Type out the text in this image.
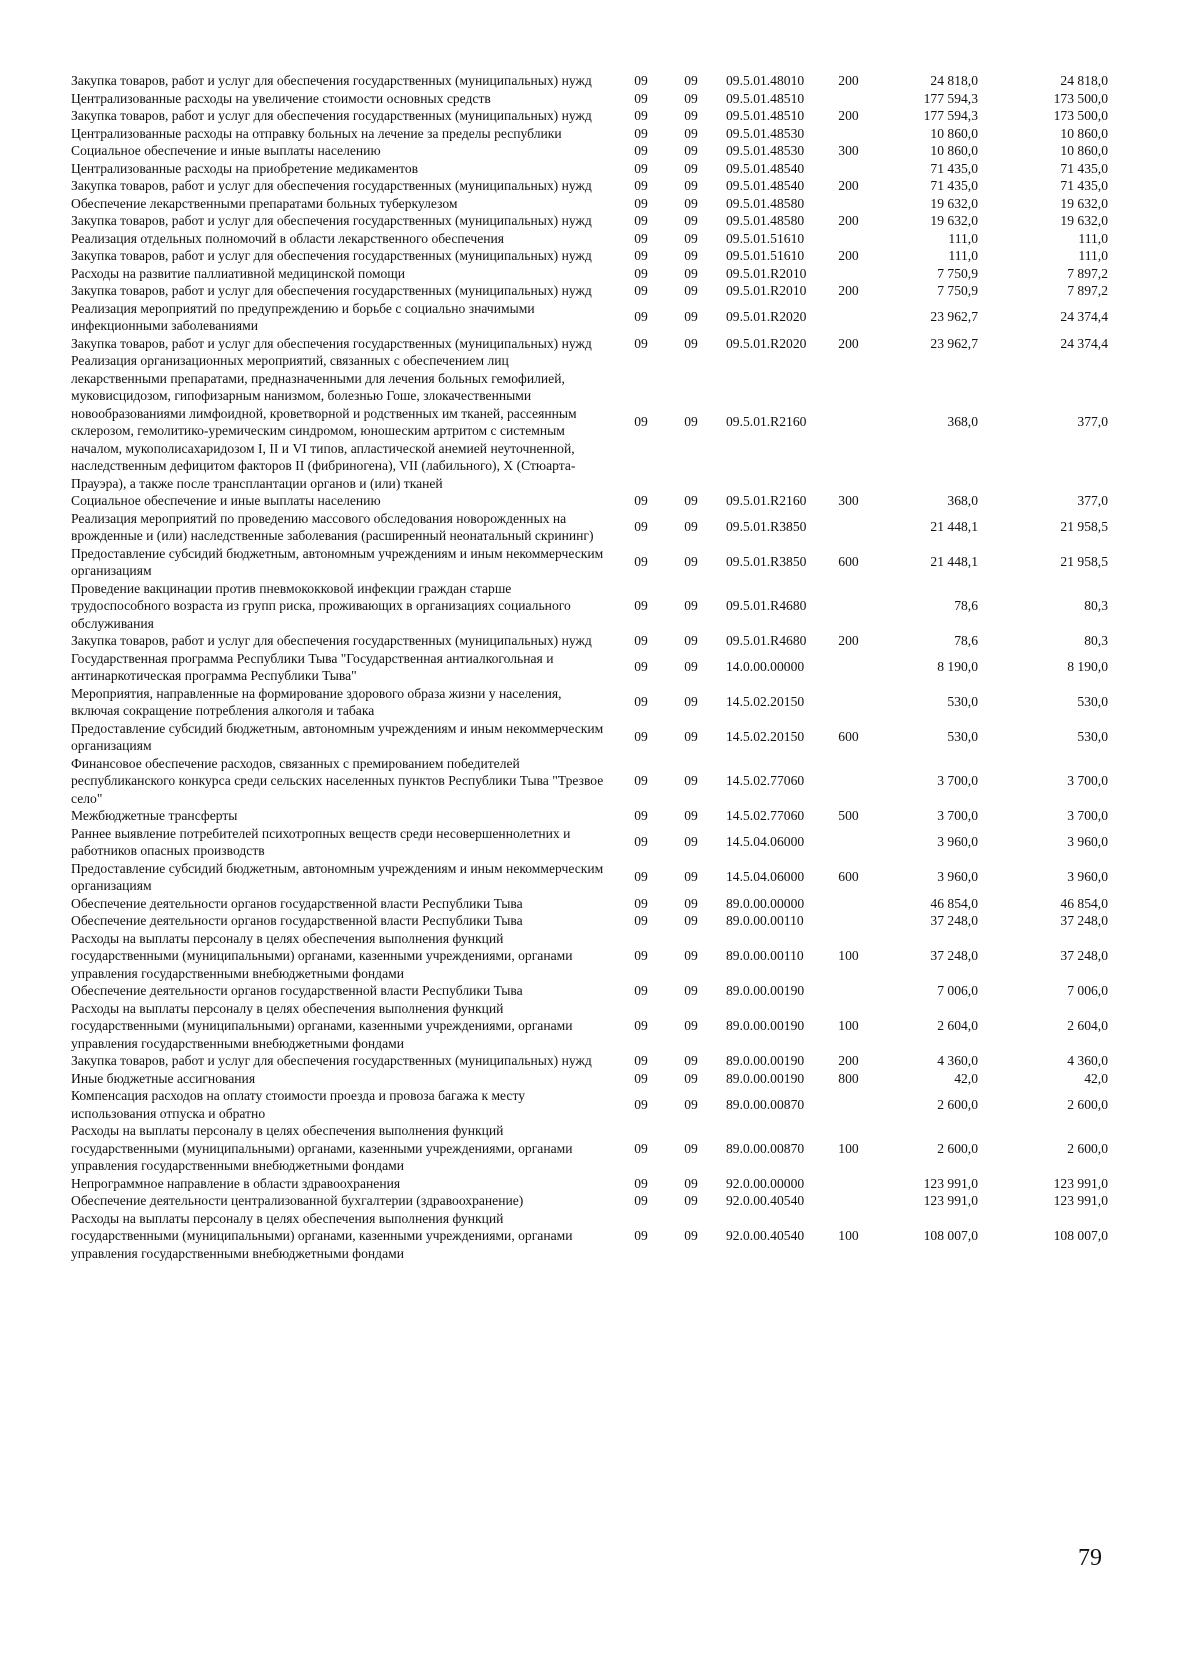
Закупка товаров, работ и услуг для обеспечения государственных (муниципальных) нужд	09	09	09.5.01.48010	200	24 818,0	24 818,0
Централизованные расходы на увеличение стоимости основных средств	09	09	09.5.01.48510		177 594,3	173 500,0
Закупка товаров, работ и услуг для обеспечения государственных (муниципальных) нужд	09	09	09.5.01.48510	200	177 594,3	173 500,0
Централизованные расходы на отправку больных на лечение за пределы республики	09	09	09.5.01.48530		10 860,0	10 860,0
Социальное обеспечение и иные выплаты населению	09	09	09.5.01.48530	300	10 860,0	10 860,0
Централизованные расходы на приобретение медикаментов	09	09	09.5.01.48540		71 435,0	71 435,0
Закупка товаров, работ и услуг для обеспечения государственных (муниципальных) нужд	09	09	09.5.01.48540	200	71 435,0	71 435,0
Обеспечение лекарственными препаратами больных туберкулезом	09	09	09.5.01.48580		19 632,0	19 632,0
Закупка товаров, работ и услуг для обеспечения государственных (муниципальных) нужд	09	09	09.5.01.48580	200	19 632,0	19 632,0
Реализация отдельных полномочий в области лекарственного обеспечения	09	09	09.5.01.51610		111,0	111,0
Закупка товаров, работ и услуг для обеспечения государственных (муниципальных) нужд	09	09	09.5.01.51610	200	111,0	111,0
Расходы на развитие паллиативной медицинской помощи	09	09	09.5.01.R2010		7 750,9	7 897,2
Закупка товаров, работ и услуг для обеспечения государственных (муниципальных) нужд	09	09	09.5.01.R2010	200	7 750,9	7 897,2
Реализация мероприятий по предупреждению и борьбе с социально значимыми инфекционными заболеваниями	09	09	09.5.01.R2020		23 962,7	24 374,4
Закупка товаров, работ и услуг для обеспечения государственных (муниципальных) нужд	09	09	09.5.01.R2020	200	23 962,7	24 374,4
Реализация организационных мероприятий, связанных с обеспечением лиц лекарственными препаратами, предназначенными для лечения больных гемофилией, муковисцидозом, гипофизарным нанизмом, болезнью Гоше, злокачественными новообразованиями лимфоидной, кроветворной и родственных им тканей, рассеянным склерозом, гемолитико-уремическим синдромом, юношеским артритом с системным началом, мукополисахаридозом I, II и VI типов, апластической анемией неуточненной, наследственным дефицитом факторов II (фибриногена), VII (лабильного), X (Стюарта-Прауэра), а также после трансплантации органов и (или) тканей	09	09	09.5.01.R2160		368,0	377,0
Социальное обеспечение и иные выплаты населению	09	09	09.5.01.R2160	300	368,0	377,0
Реализация мероприятий по проведению массового обследования новорожденных на врожденные и (или) наследственные заболевания (расширенный неонатальный скрининг)	09	09	09.5.01.R3850		21 448,1	21 958,5
Предоставление субсидий бюджетным, автономным учреждениям и иным некоммерческим организациям	09	09	09.5.01.R3850	600	21 448,1	21 958,5
Проведение вакцинации против пневмококковой инфекции граждан старше трудоспособного возраста из групп риска, проживающих в организациях социального обслуживания	09	09	09.5.01.R4680		78,6	80,3
Закупка товаров, работ и услуг для обеспечения государственных (муниципальных) нужд	09	09	09.5.01.R4680	200	78,6	80,3
Государственная программа Республики Тыва "Государственная антиалкогольная и антинаркотическая программа Республики Тыва"	09	09	14.0.00.00000		8 190,0	8 190,0
Мероприятия, направленные на формирование здорового образа жизни у населения, включая сокращение потребления алкоголя и табака	09	09	14.5.02.20150		530,0	530,0
Предоставление субсидий бюджетным, автономным учреждениям и иным некоммерческим организациям	09	09	14.5.02.20150	600	530,0	530,0
Финансовое обеспечение расходов, связанных с премированием победителей республиканского конкурса среди сельских населенных пунктов Республики Тыва "Трезвое село"	09	09	14.5.02.77060		3 700,0	3 700,0
Межбюджетные трансферты	09	09	14.5.02.77060	500	3 700,0	3 700,0
Раннее выявление потребителей психотропных веществ среди несовершеннолетних и работников опасных производств	09	09	14.5.04.06000		3 960,0	3 960,0
Предоставление субсидий бюджетным, автономным учреждениям и иным некоммерческим организациям	09	09	14.5.04.06000	600	3 960,0	3 960,0
Обеспечение деятельности органов государственной власти Республики Тыва	09	09	89.0.00.00000		46 854,0	46 854,0
Обеспечение деятельности органов государственной власти Республики Тыва	09	09	89.0.00.00110		37 248,0	37 248,0
Расходы на выплаты персоналу в целях обеспечения выполнения функций государственными (муниципальными) органами, казенными учреждениями, органами управления государственными внебюджетными фондами	09	09	89.0.00.00110	100	37 248,0	37 248,0
Обеспечение деятельности органов государственной власти Республики Тыва	09	09	89.0.00.00190		7 006,0	7 006,0
Расходы на выплаты персоналу в целях обеспечения выполнения функций государственными (муниципальными) органами, казенными учреждениями, органами управления государственными внебюджетными фондами	09	09	89.0.00.00190	100	2 604,0	2 604,0
Закупка товаров, работ и услуг для обеспечения государственных (муниципальных) нужд	09	09	89.0.00.00190	200	4 360,0	4 360,0
Иные бюджетные ассигнования	09	09	89.0.00.00190	800	42,0	42,0
Компенсация расходов на оплату стоимости проезда и провоза багажа к месту использования отпуска и обратно	09	09	89.0.00.00870		2 600,0	2 600,0
Расходы на выплаты персоналу в целях обеспечения выполнения функций государственными (муниципальными) органами, казенными учреждениями, органами управления государственными внебюджетными фондами	09	09	89.0.00.00870	100	2 600,0	2 600,0
Непрограммное направление в области здравоохранения	09	09	92.0.00.00000		123 991,0	123 991,0
Обеспечение деятельности централизованной бухгалтерии (здравоохранение)	09	09	92.0.00.40540		123 991,0	123 991,0
Расходы на выплаты персоналу в целях обеспечения выполнения функций государственными (муниципальными) органами, казенными учреждениями, органами управления государственными внебюджетными фондами	09	09	92.0.00.40540	100	108 007,0	108 007,0
79
